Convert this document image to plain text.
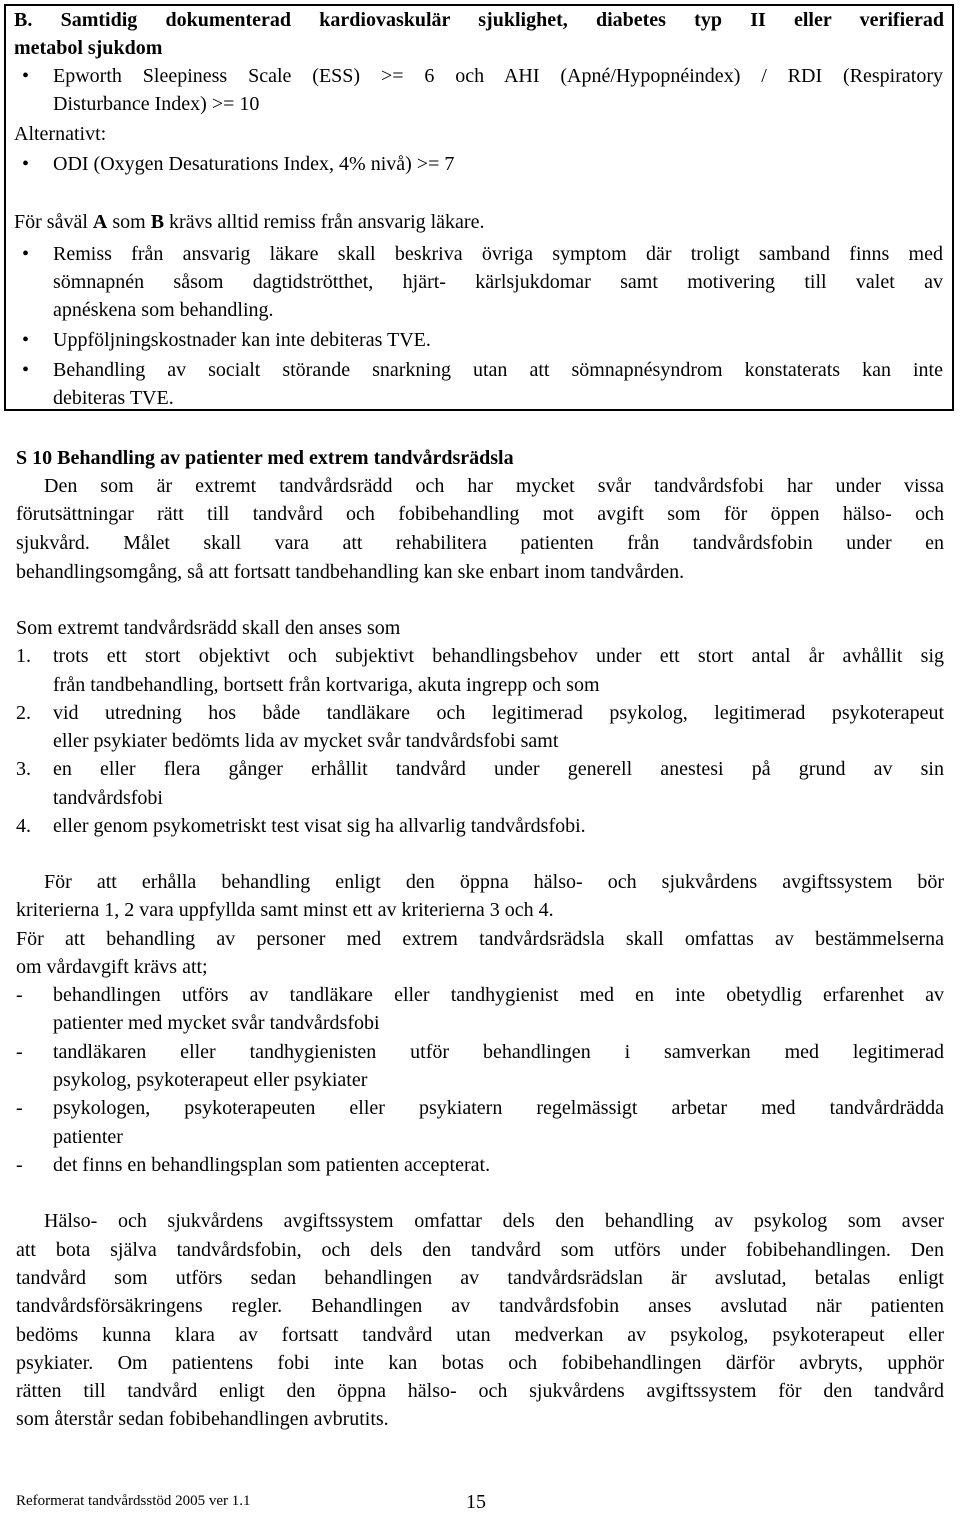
B. Samtidig dokumenterad kardiovaskulär sjuklighet, diabetes typ II eller verifierad
metabol sjukdom
• Epworth Sleepiness Scale (ESS) >= 6 och AHI (Apné/Hypopnéindex) / RDI (Respiratory
Disturbance Index) >= 10
Alternativt:
• ODI (Oxygen Desaturations Index, 4% nivå) >= 7
För såväl A som B krävs alltid remiss från ansvarig läkare.
• Remiss från ansvarig läkare skall beskriva övriga symptom där troligt samband finns med
sömnapnén såsom dagtidströtthet, hjärt- kärlsjukdomar samt motivering till valet av
apnéskena som behandling.
• Uppföljningskostnader kan inte debiteras TVE.
• Behandling av socialt störande snarkning utan att sömnapnésyndrom konstaterats kan inte
debiteras TVE.
S 10 Behandling av patienter med extrem tandvårdsrädsla
Den som är extremt tandvårdsrädd och har mycket svår tandvårdsfobi har under vissa
förutsättningar rätt till tandvård och fobibehandling mot avgift som för öppen hälso- och
sjukvård. Målet skall vara att rehabilitera patienten från tandvårdsfobin under en
behandlingsomgång, så att fortsatt tandbehandling kan ske enbart inom tandvården.
Som extremt tandvårdsrädd skall den anses som
1. trots ett stort objektivt och subjektivt behandlingsbehov under ett stort antal år avhållit sig
från tandbehandling, bortsett från kortvariga, akuta ingrepp och som
2. vid utredning hos både tandläkare och legitimerad psykolog, legitimerad psykoterapeut
eller psykiater bedömts lida av mycket svår tandvårdsfobi samt
3. en eller flera gånger erhållit tandvård under generell anestesi på grund av sin
tandvårdsfobi
4. eller genom psykometriskt test visat sig ha allvarlig tandvårdsfobi.
För att erhålla behandling enligt den öppna hälso- och sjukvårdens avgiftssystem bör
kriterierna 1, 2 vara uppfyllda samt minst ett av kriterierna 3 och 4.
För att behandling av personer med extrem tandvårdsrädsla skall omfattas av bestämmelserna
om vårdavgift krävs att;
- behandlingen utförs av tandläkare eller tandhygienist med en inte obetydlig erfarenhet av
patienter med mycket svår tandvårdsfobi
- tandläkaren eller tandhygienisten utför behandlingen i samverkan med legitimerad
psykolog, psykoterapeut eller psykiater
- psykologen, psykoterapeuten eller psykiatern regelmässigt arbetar med tandvårdrädda
patienter
- det finns en behandlingsplan som patienten accepterat.
Hälso- och sjukvårdens avgiftssystem omfattar dels den behandling av psykolog som avser
att bota själva tandvårdsfobin, och dels den tandvård som utförs under fobibehandlingen. Den
tandvård som utförs sedan behandlingen av tandvårdsrädslan är avslutad, betalas enligt
tandvårdsförsäkringens regler. Behandlingen av tandvårdsfobin anses avslutad när patienten
bedöms kunna klara av fortsatt tandvård utan medverkan av psykolog, psykoterapeut eller
psykiater. Om patientens fobi inte kan botas och fobibehandlingen därför avbryts, upphör
rätten till tandvård enligt den öppna hälso- och sjukvårdens avgiftssystem för den tandvård
som återstår sedan fobibehandlingen avbrutits.
Reformerat tandvårdsstöd 2005 ver 1.1	15
